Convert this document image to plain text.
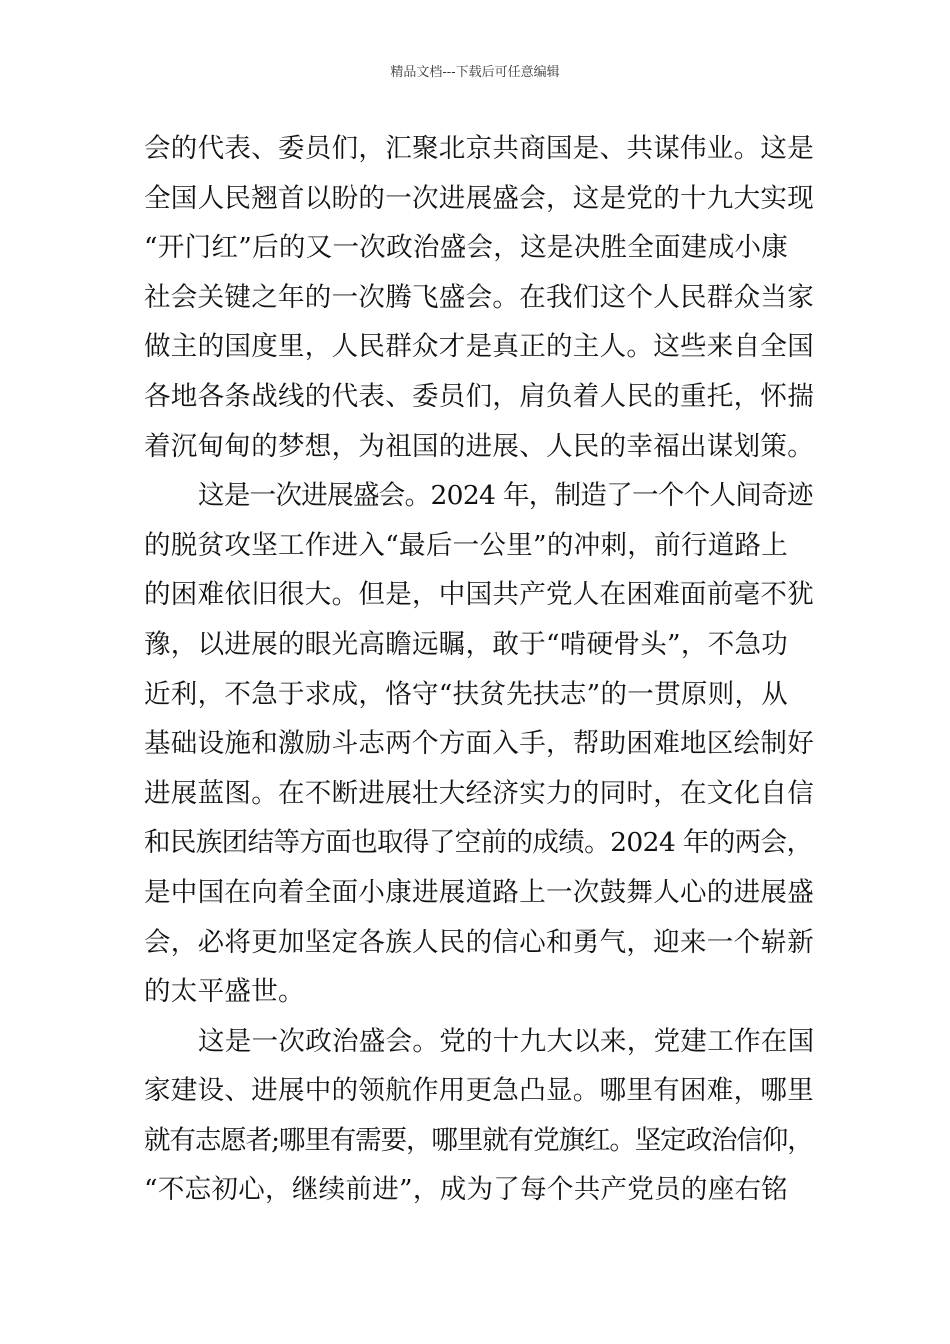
精品文档---下载后可任意编辑

会的代表、委员们，汇聚北京共商国是、共谋伟业。这是
全国人民翘首以盼的一次进展盛会，这是党的十九大实现
“开门红”后的又一次政治盛会，这是决胜全面建成小康
社会关键之年的一次腾飞盛会。在我们这个人民群众当家
做主的国度里，人民群众才是真正的主人。这些来自全国
各地各条战线的代表、委员们，肩负着人民的重托，怀揣
着沉甸甸的梦想，为祖国的进展、人民的幸福出谋划策。

这是一次进展盛会。2024 年，制造了一个个人间奇迹
的脱贫攻坚工作进入“最后一公里”的冲刺，前行道路上
的困难依旧很大。但是，中国共产党人在困难面前毫不犹
豫，以进展的眼光高瞻远瞩，敢于“啃硬骨头”，不急功
近利，不急于求成，恪守“扶贫先扶志”的一贯原则，从
基础设施和激励斗志两个方面入手，帮助困难地区绘制好
进展蓝图。在不断进展壮大经济实力的同时，在文化自信
和民族团结等方面也取得了空前的成绩。2024 年的两会，
是中国在向着全面小康进展道路上一次鼓舞人心的进展盛
会，必将更加坚定各族人民的信心和勇气，迎来一个崭新
的太平盛世。

这是一次政治盛会。党的十九大以来，党建工作在国
家建设、进展中的领航作用更急凸显。哪里有困难，哪里
就有志愿者;哪里有需要，哪里就有党旗红。坚定政治信仰，
“不忘初心，继续前进”，成为了每个共产党员的座右铭
